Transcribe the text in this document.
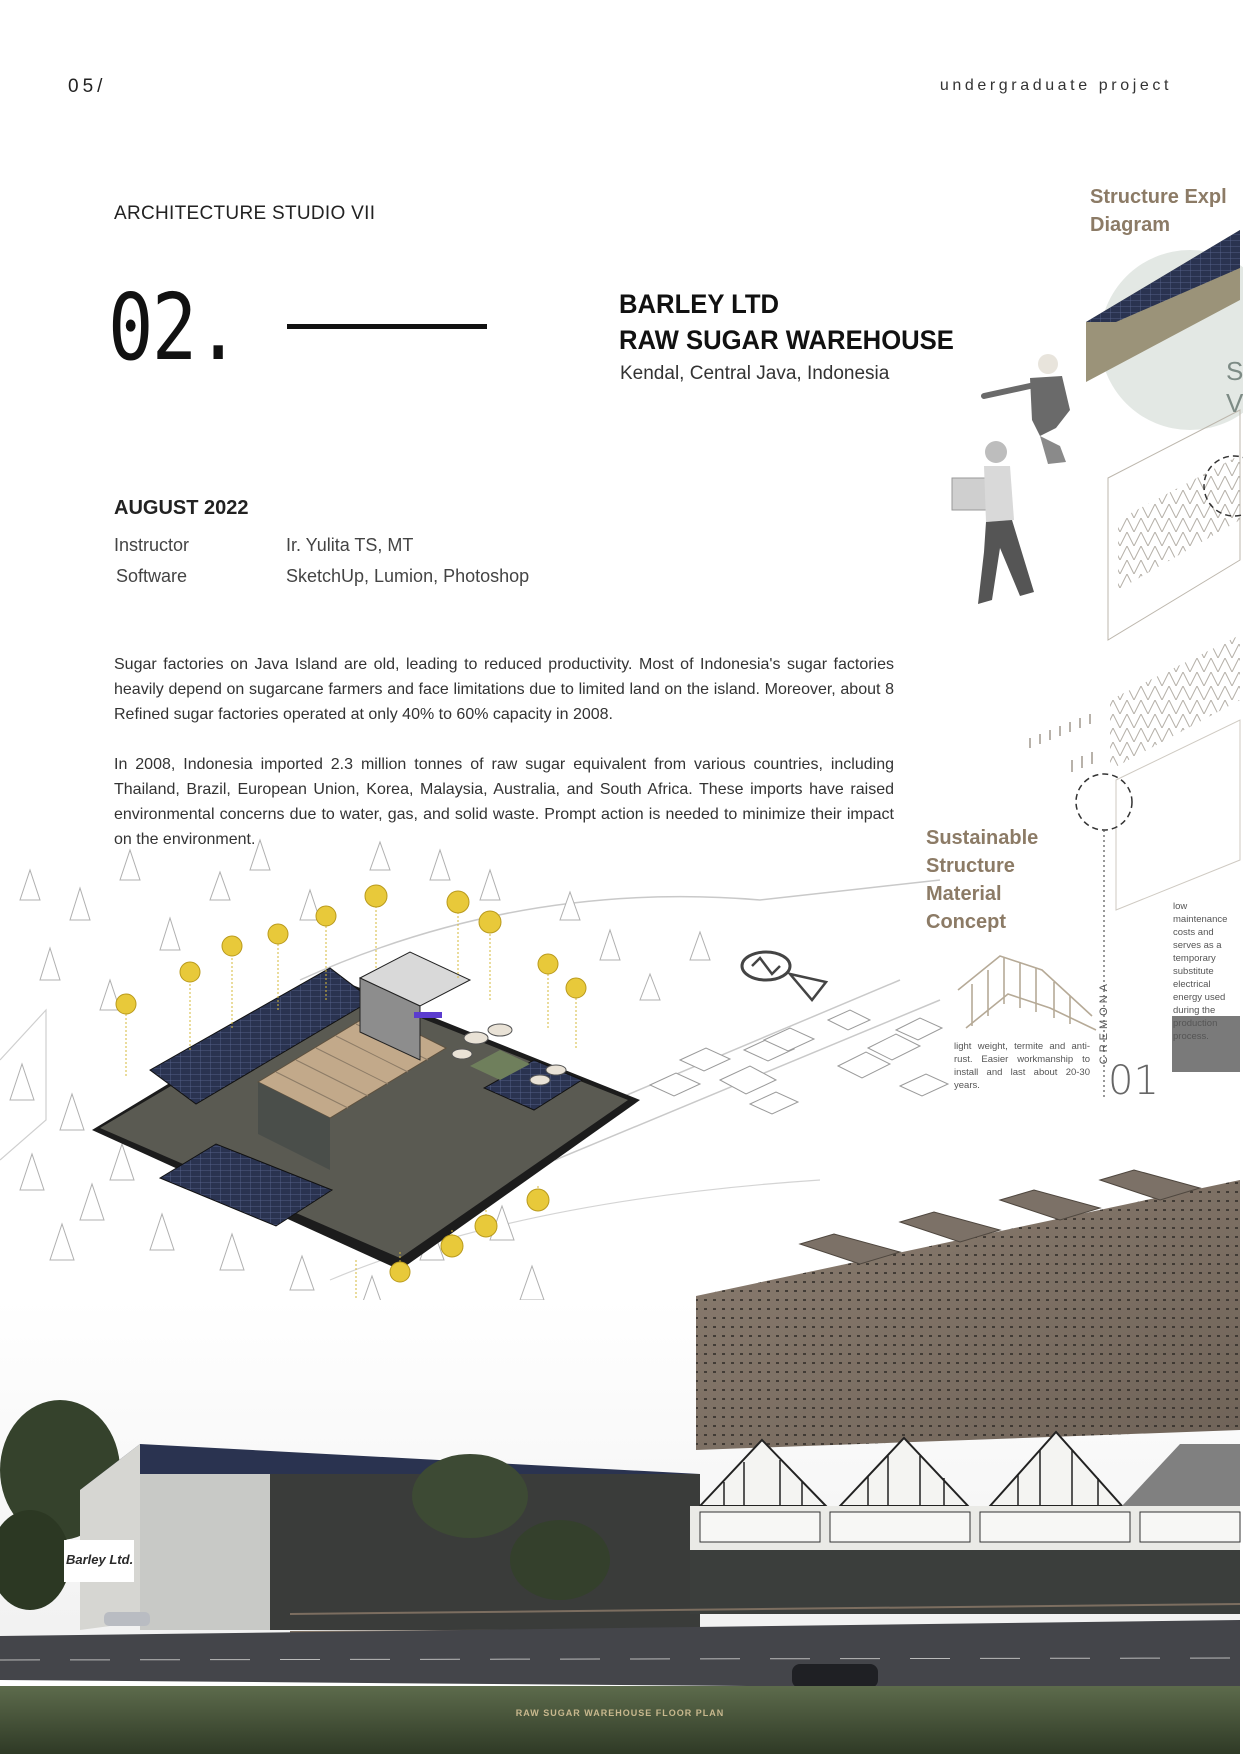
05/	undergraduate project
ARCHITECTURE STUDIO VII
02.	BARLEY LTD
RAW SUGAR WAREHOUSE
Kendal, Central Java, Indonesia
AUGUST 2022
Instructor	Ir. Yulita TS, MT
Software	SketchUp, Lumion, Photoshop
Sugar factories on Java Island are old, leading to reduced productivity. Most of Indonesia's sugar factories heavily depend on sugarcane farmers and face limitations due to limited land on the island. Moreover, about 8 Refined sugar factories operated at only 40% to 60% capacity in 2008.
In 2008, Indonesia imported 2.3 million tonnes of raw sugar equivalent from various countries, including Thailand, Brazil, European Union, Korea, Malaysia, Australia, and South Africa. These imports have raised environmental concerns due to water, gas, and solid waste. Prompt action is needed to minimize their impact on the environment.
Structure Expl
Diagram
S
V
Sustainable
Structure
Material
Concept
CREMONA
01
light weight, termite and anti-rust. Easier workmanship to install and last about 20-30 years.
low maintenance costs and serves as a temporary substitute electrical energy used during the production process.
Barley Ltd.
RAW SUGAR WAREHOUSE FLOOR PLAN
